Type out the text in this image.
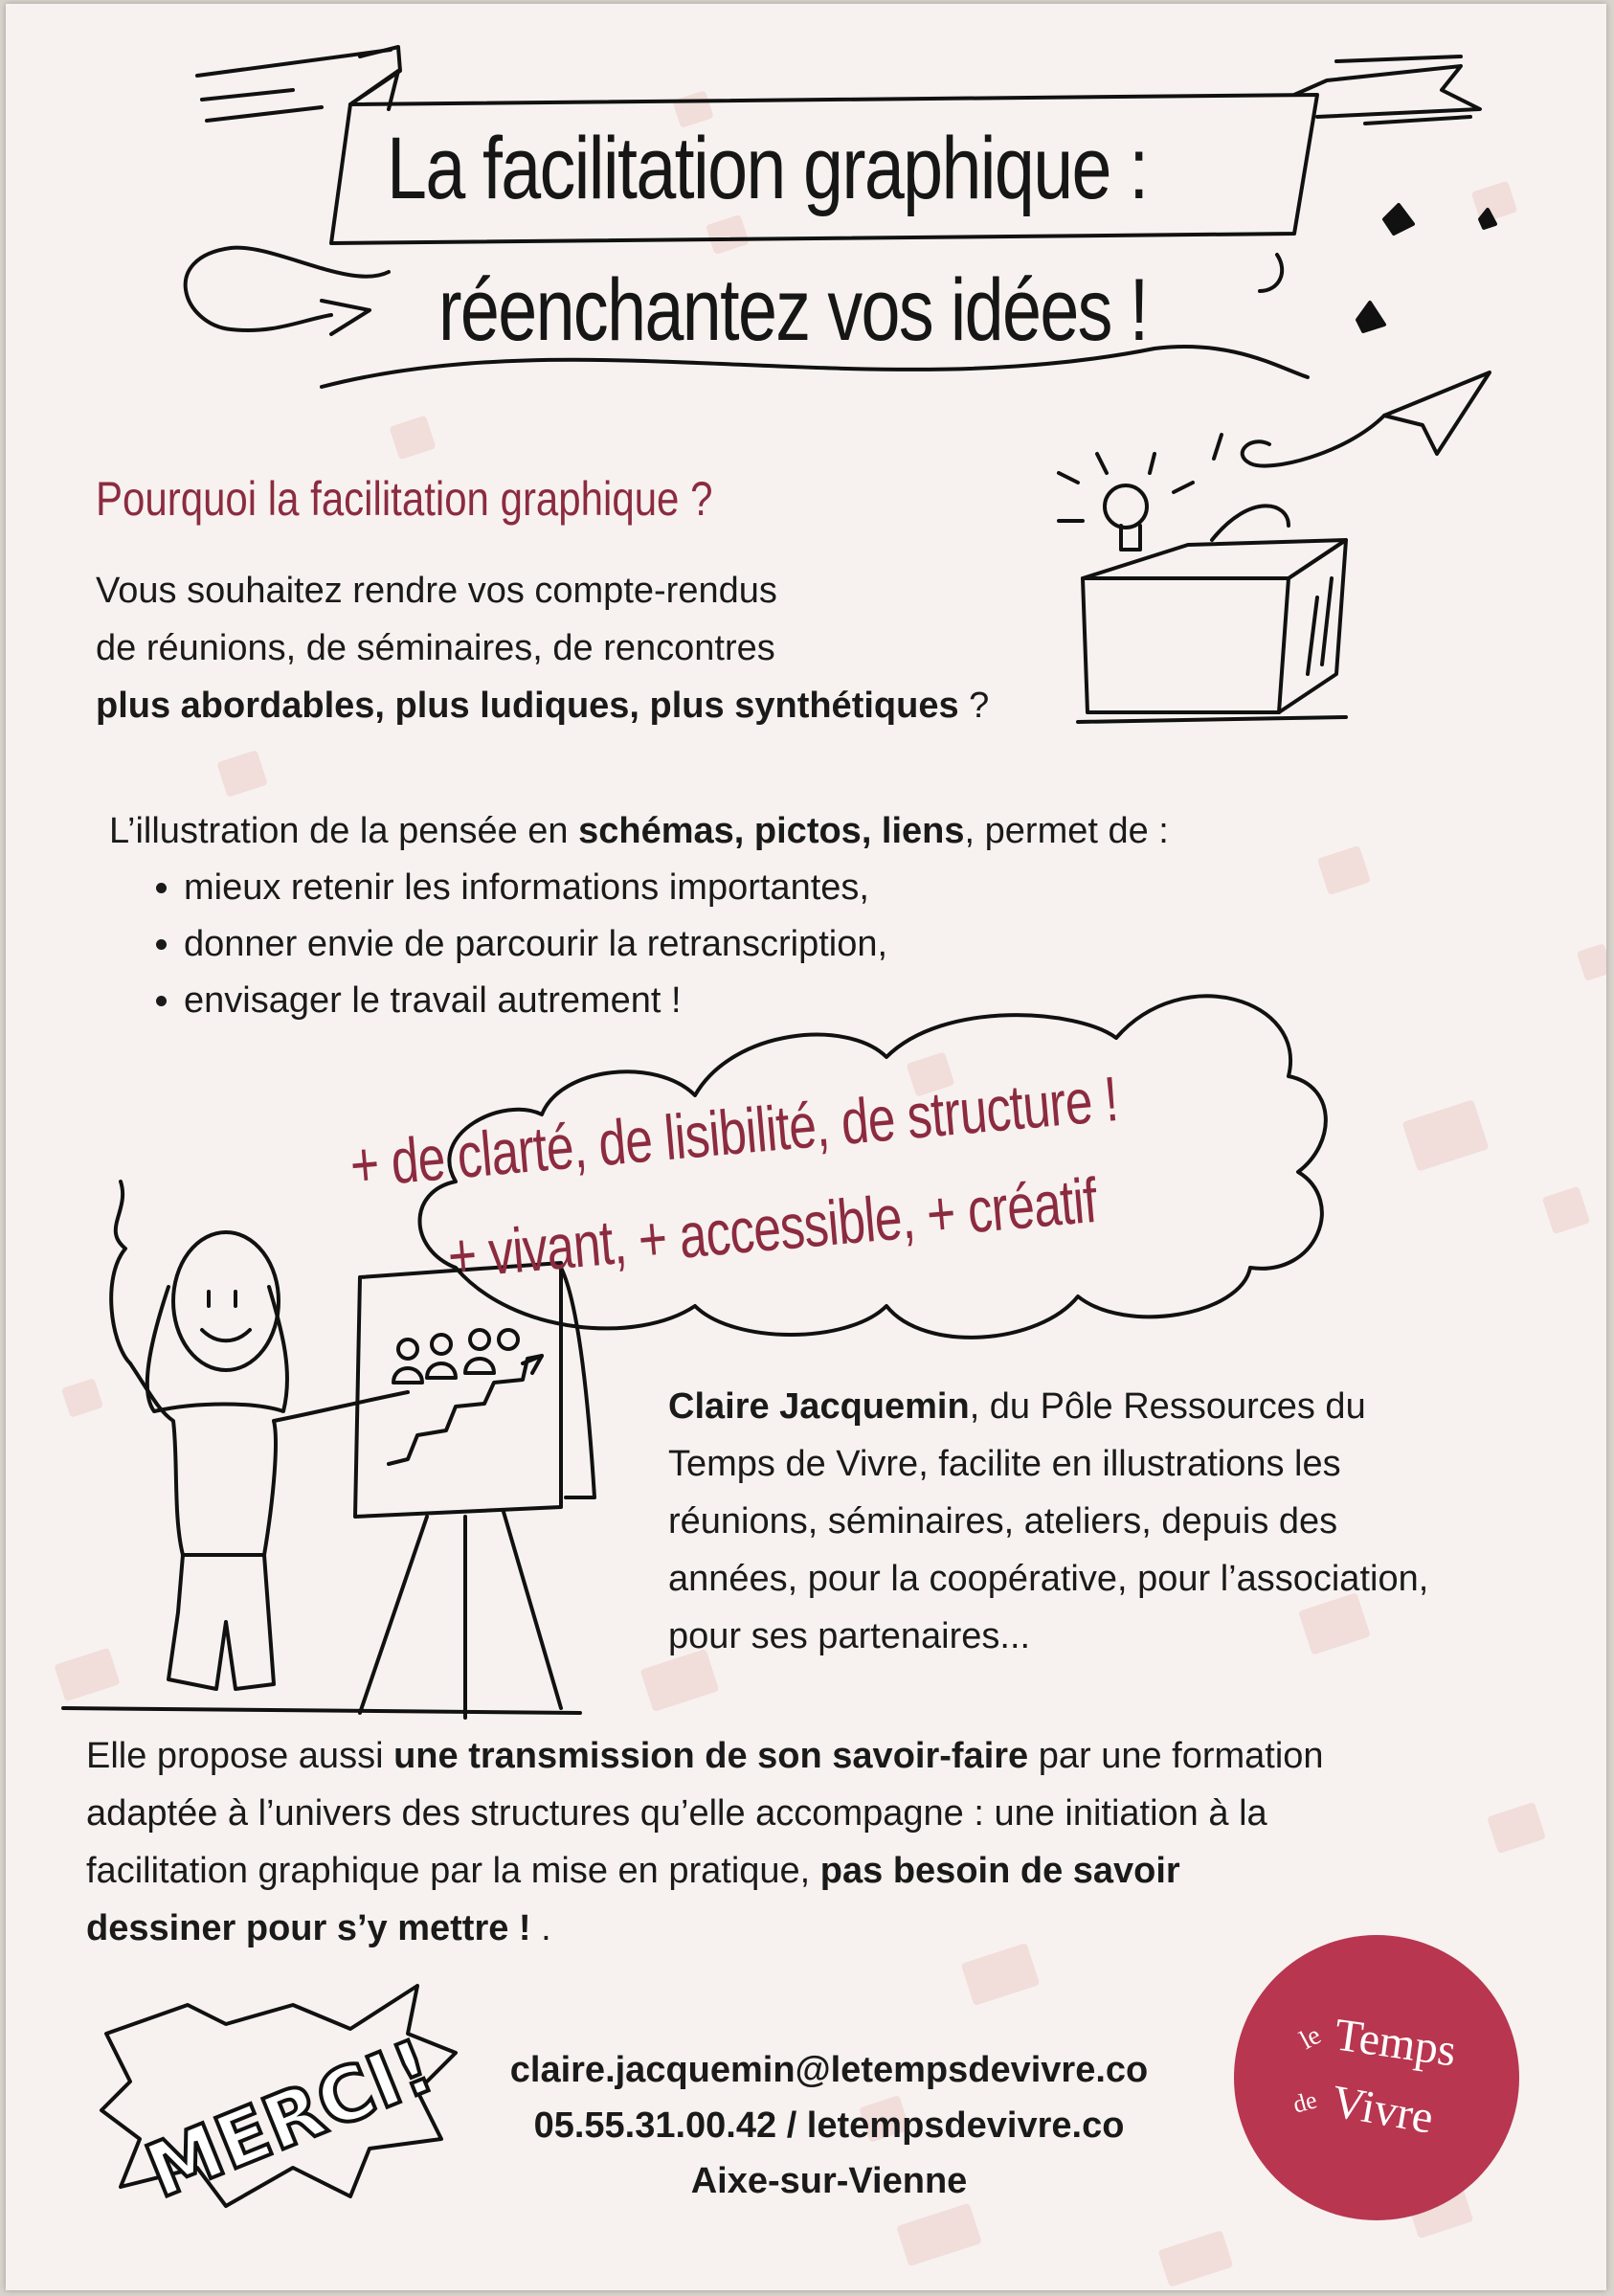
MERCI!
La facilitation graphique :
réenchantez vos idées !
Pourquoi la facilitation graphique ?
Vous souhaitez rendre vos compte-rendus
de réunions, de séminaires, de rencontres
plus abordables, plus ludiques, plus synthétiques ?
L’illustration de la pensée en schémas, pictos, liens, permet de :
• mieux retenir les informations importantes,
• donner envie de parcourir la retranscription,
• envisager le travail autrement !
+ de clarté, de lisibilité, de structure !
+ vivant, + accessible, + créatif
Claire Jacquemin, du Pôle Ressources du
Temps de Vivre, facilite en illustrations les
réunions, séminaires, ateliers, depuis des
années, pour la coopérative, pour l’association,
pour ses partenaires...
Elle propose aussi une transmission de son savoir-faire par une formation
adaptée à l’univers des structures qu’elle accompagne : une initiation à la
facilitation graphique par la mise en pratique, pas besoin de savoir
dessiner pour s’y mettre ! .
claire.jacquemin@letempsdevivre.co
05.55.31.00.42 / letempsdevivre.co
Aixe-sur-Vienne
le Temps
de Vivre
